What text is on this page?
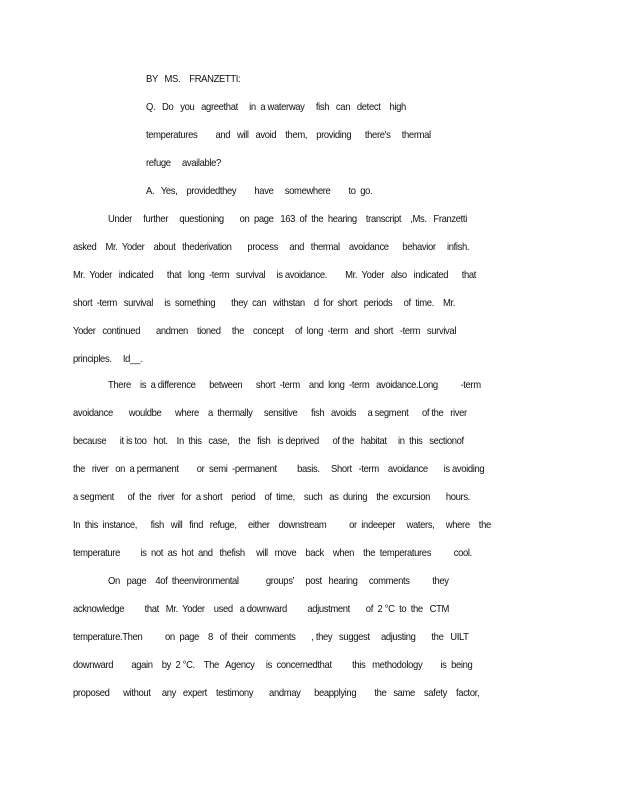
BY   MS.    FRANZETTI:
Q.   Do   you   agreethat     in  a waterway     fish   can   detect    high
temperatures        and   will   avoid    them,    providing      there's     thermal
refuge     available?
A.   Yes,    providedthey        have     somewhere        to  go.
Under     further     questioning       on  page   163  of  the  hearing    transcript    ,Ms.   Franzetti
asked    Mr.  Yoder    about   thederivation       process     and   thermal    avoidance      behavior     infish.
Mr.  Yoder   indicated      that   long  -term   survival     is avoidance.        Mr.  Yoder   also   indicated      that
short  -term   survival     is  something       they  can   withstan    d  for  short   periods     of  time.    Mr.
Yoder   continued       andmen    tioned     the    concept     of  long  -term   and  short   -term   survival
principles.     Id__.
There    is  a difference      between      short  -term    and  long  -term   avoidance.Long          -term
avoidance       wouldbe      where    a  thermally     sensitive      fish   avoids     a segment      of the   river
because      it is too   hot.    In  this   case,    the   fish   is deprived      of the   habitat     in  this   sectionof
the   river   on  a permanent        or  semi  -permanent         basis.     Short   -term    avoidance       is avoiding
a segment      of  the   river   for  a short    period    of  time,    such   as  during    the  excursion       hours.
In  this  instance,      fish   will   find   refuge,     either    downstream          or  indeeper     waters,     where    the
temperature         is  not  as  hot  and   thefish     will   move    back    when    the  temperatures          cool.
On   page    4of  theenvironmental            groups'     post   hearing     comments          they
acknowledge         that   Mr.  Yoder    used   a downward         adjustment       of  2 °C  to  the   CTM
temperature.Then          on  page    8   of  their   comments       , they   suggest     adjusting       the   UILT
downward        again    by  2 °C.    The   Agency     is  concernedthat         this   methodology        is  being
proposed      without     any   expert    testimony       andmay      beapplying        the   same    safety    factor,
